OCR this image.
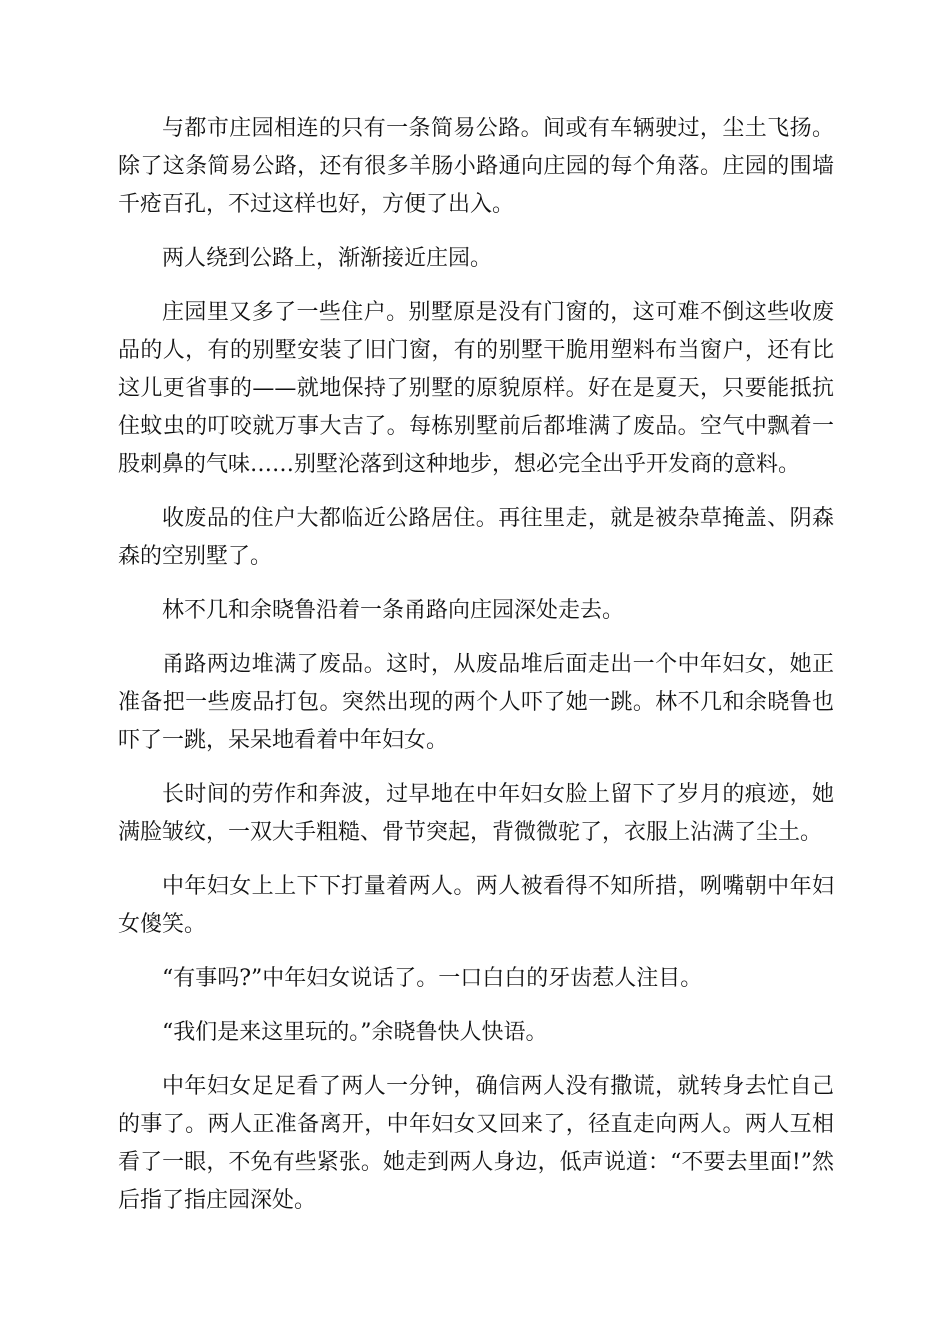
与都市庄园相连的只有一条简易公路。间或有车辆驶过，尘土飞扬。除了这条简易公路，还有很多羊肠小路通向庄园的每个角落。庄园的围墙千疮百孔，不过这样也好，方便了出入。

两人绕到公路上，渐渐接近庄园。

庄园里又多了一些住户。别墅原是没有门窗的，这可难不倒这些收废品的人，有的别墅安装了旧门窗，有的别墅干脆用塑料布当窗户，还有比这儿更省事的——就地保持了别墅的原貌原样。好在是夏天，只要能抵抗住蚊虫的叮咬就万事大吉了。每栋别墅前后都堆满了废品。空气中飘着一股刺鼻的气味……别墅沦落到这种地步，想必完全出乎开发商的意料。

收废品的住户大都临近公路居住。再往里走，就是被杂草掩盖、阴森森的空别墅了。

林不几和余晓鲁沿着一条甬路向庄园深处走去。

甬路两边堆满了废品。这时，从废品堆后面走出一个中年妇女，她正准备把一些废品打包。突然出现的两个人吓了她一跳。林不几和余晓鲁也吓了一跳，呆呆地看着中年妇女。

长时间的劳作和奔波，过早地在中年妇女脸上留下了岁月的痕迹，她满脸皱纹，一双大手粗糙、骨节突起，背微微驼了，衣服上沾满了尘土。

中年妇女上上下下打量着两人。两人被看得不知所措，咧嘴朝中年妇女傻笑。

“有事吗?”中年妇女说话了。一口白白的牙齿惹人注目。

“我们是来这里玩的。”余晓鲁快人快语。

中年妇女足足看了两人一分钟，确信两人没有撒谎，就转身去忙自己的事了。两人正准备离开，中年妇女又回来了，径直走向两人。两人互相看了一眼，不免有些紧张。她走到两人身边，低声说道：“不要去里面!”然后指了指庄园深处。
